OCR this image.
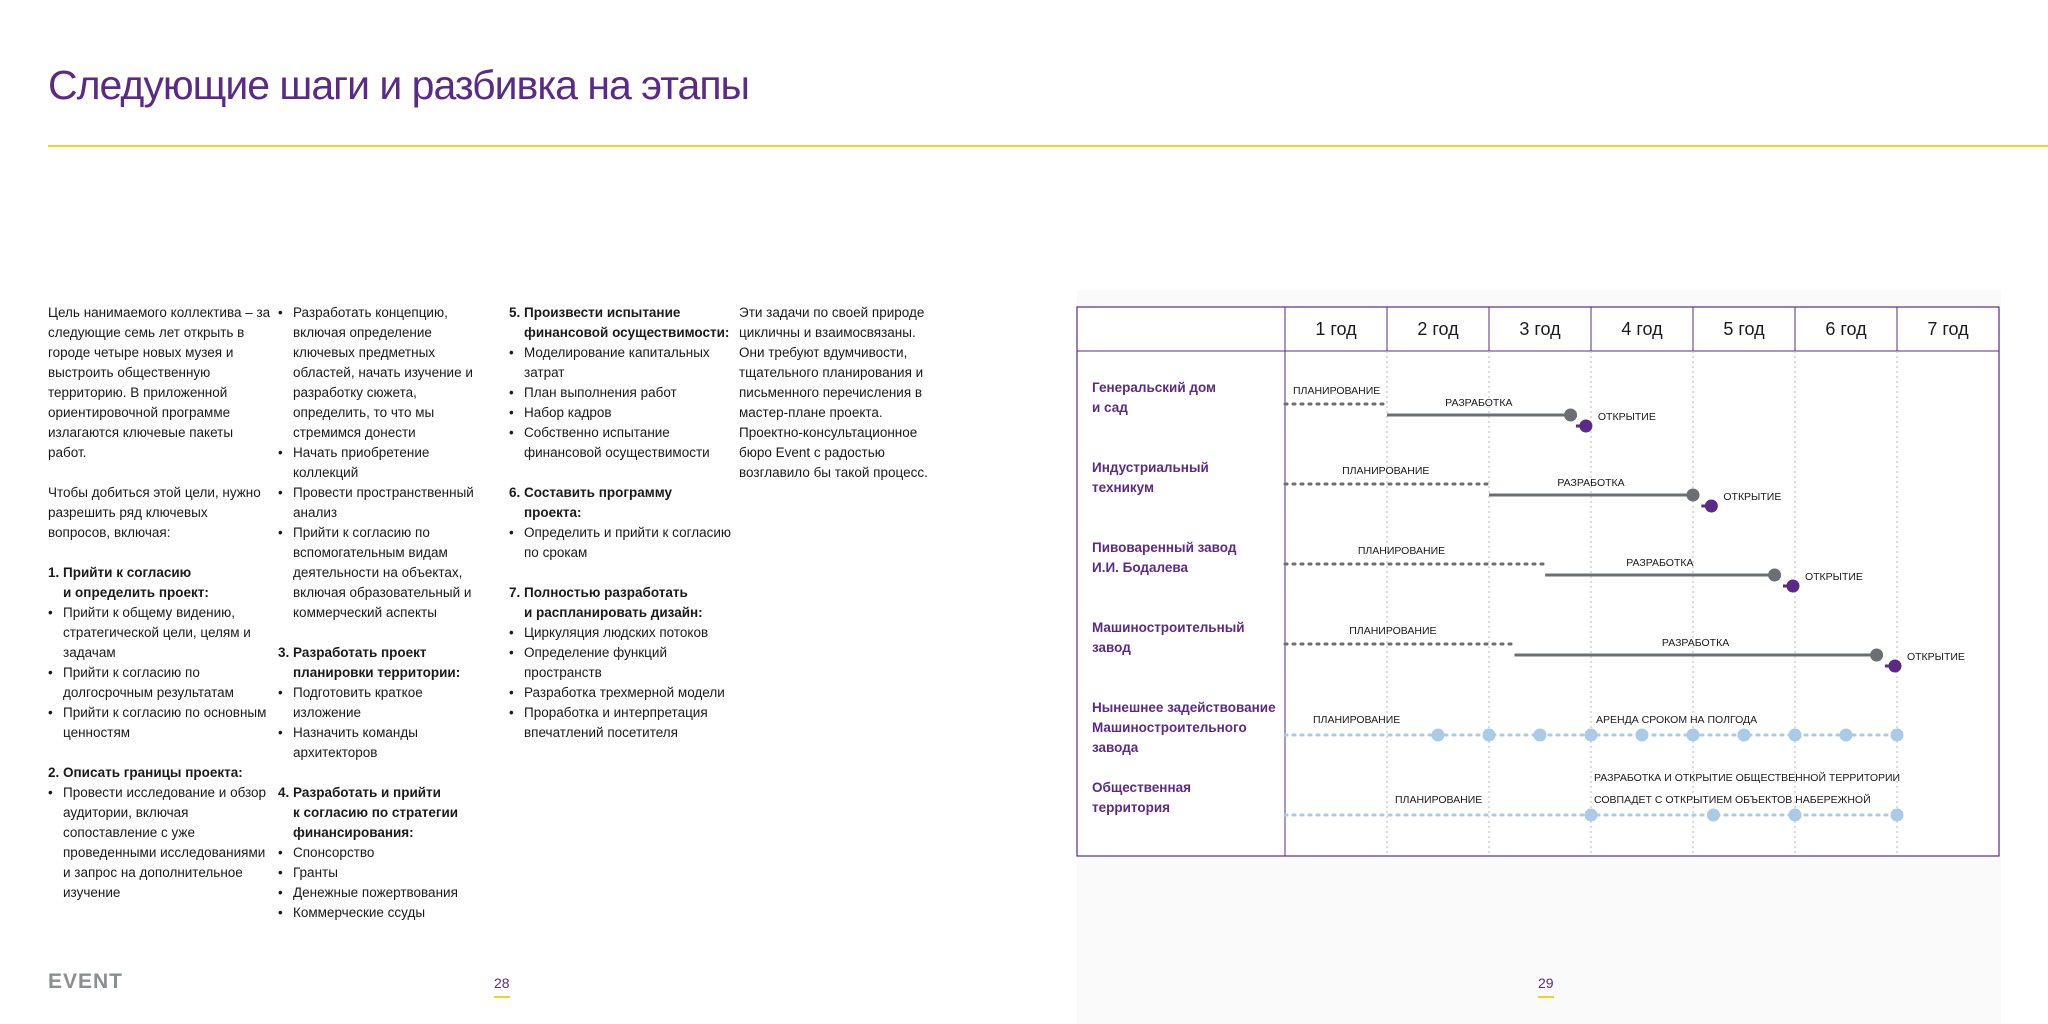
Следующие шаги и разбивка на этапы

Цель нанимаемого коллектива – за следующие семь лет открыть в городе четыре новых музея и выстроить общественную территорию. В приложенной ориентировочной программе излагаются ключевые пакеты работ.

Чтобы добиться этой цели, нужно разрешить ряд ключевых вопросов, включая:

1. Прийти к согласию
и определить проект:
• Прийти к общему видению, стратегической цели, целям и задачам
• Прийти к согласию по долгосрочным результатам
• Прийти к согласию по основным ценностям
2. Описать границы проекта:
• Провести исследование и обзор аудитории, включая сопоставление с уже проведенными исследованиями и запрос на дополнительное изучение
• Разработать концепцию, включая определение ключевых предметных областей, начать изучение и разработку сюжета, определить, то что мы стремимся донести
• Начать приобретение коллекций
• Провести пространственный анализ
• Прийти к согласию по вспомогательным видам деятельности на объектах, включая образовательный и коммерческий аспекты
3. Разработать проект
планировки территории:
• Подготовить краткое изложение
• Назначить команды архитекторов
4. Разработать и прийти
к согласию по стратегии
финансирования:
• Спонсорство
• Гранты
• Денежные пожертвования
• Коммерческие ссуды
5. Произвести испытание
финансовой осуществимости:
• Моделирование капитальных затрат
• План выполнения работ
• Набор кадров
• Собственно испытание финансовой осуществимости
6. Составить программу
проекта:
• Определить и прийти к согласию по срокам
7. Полностью разработать
и распланировать дизайн:
• Циркуляция людских потоков
• Определение функций пространств
• Разработка трехмерной модели
• Проработка и интерпретация впечатлений посетителя

Эти задачи по своей природе цикличны и взаимосвязаны. Они требуют вдумчивости, тщательного планирования и письменного перечисления в мастер-плане проекта. Проектно-консультационное бюро Event с радостью возглавило бы такой процесс.

1 год	2 год	3 год	4 год	5 год	6 год	7 год
Генеральский дом
и сад
ПЛАНИРОВАНИЕ
РАЗРАБОТКА
ОТКРЫТИЕ
Индустриальный
техникум
ПЛАНИРОВАНИЕ
РАЗРАБОТКА
ОТКРЫТИЕ
Пивоваренный завод
И.И. Бодалева
ПЛАНИРОВАНИЕ
РАЗРАБОТКА
ОТКРЫТИЕ
Машиностроительный
завод
ПЛАНИРОВАНИЕ
РАЗРАБОТКА
ОТКРЫТИЕ
Нынешнее задействование
Машиностроительного
завода
ПЛАНИРОВАНИЕ	АРЕНДА СРОКОМ НА ПОЛГОДА
Общественная
территория	ПЛАНИРОВАНИЕ
РАЗРАБОТКА И ОТКРЫТИЕ ОБЩЕСТВЕННОЙ ТЕРРИТОРИИ
СОВПАДЕТ С ОТКРЫТИЕМ ОБЪЕКТОВ НАБЕРЕЖНОЙ
EVENT	28	29
